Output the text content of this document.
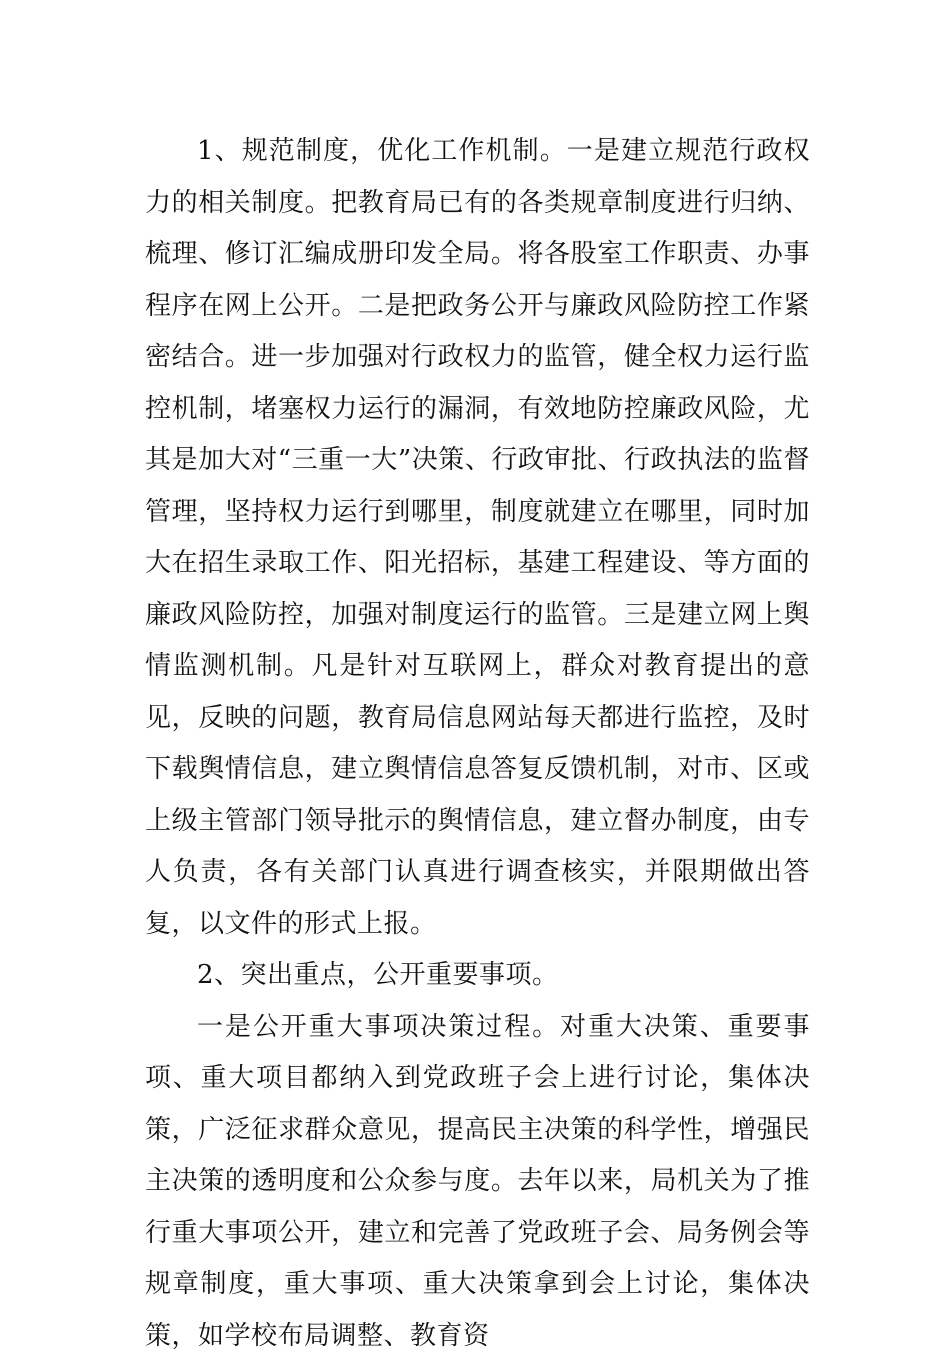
1、规范制度，优化工作机制。一是建立规范行政权力的相关制度。把教育局已有的各类规章制度进行归纳、梳理、修订汇编成册印发全局。将各股室工作职责、办事程序在网上公开。二是把政务公开与廉政风险防控工作紧密结合。进一步加强对行政权力的监管，健全权力运行监控机制，堵塞权力运行的漏洞，有效地防控廉政风险，尤其是加大对“三重一大”决策、行政审批、行政执法的监督管理，坚持权力运行到哪里，制度就建立在哪里，同时加大在招生录取工作、阳光招标，基建工程建设、等方面的廉政风险防控，加强对制度运行的监管。三是建立网上舆情监测机制。凡是针对互联网上，群众对教育提出的意见，反映的问题，教育局信息网站每天都进行监控，及时下载舆情信息，建立舆情信息答复反馈机制，对市、区或上级主管部门领导批示的舆情信息，建立督办制度，由专人负责，各有关部门认真进行调查核实，并限期做出答复，以文件的形式上报。

2、突出重点，公开重要事项。

一是公开重大事项决策过程。对重大决策、重要事项、重大项目都纳入到党政班子会上进行讨论，集体决策，广泛征求群众意见，提高民主决策的科学性，增强民主决策的透明度和公众参与度。去年以来，局机关为了推行重大事项公开，建立和完善了党政班子会、局务例会等规章制度，重大事项、重大决策拿到会上讨论，集体决策，如学校布局调整、教育资
